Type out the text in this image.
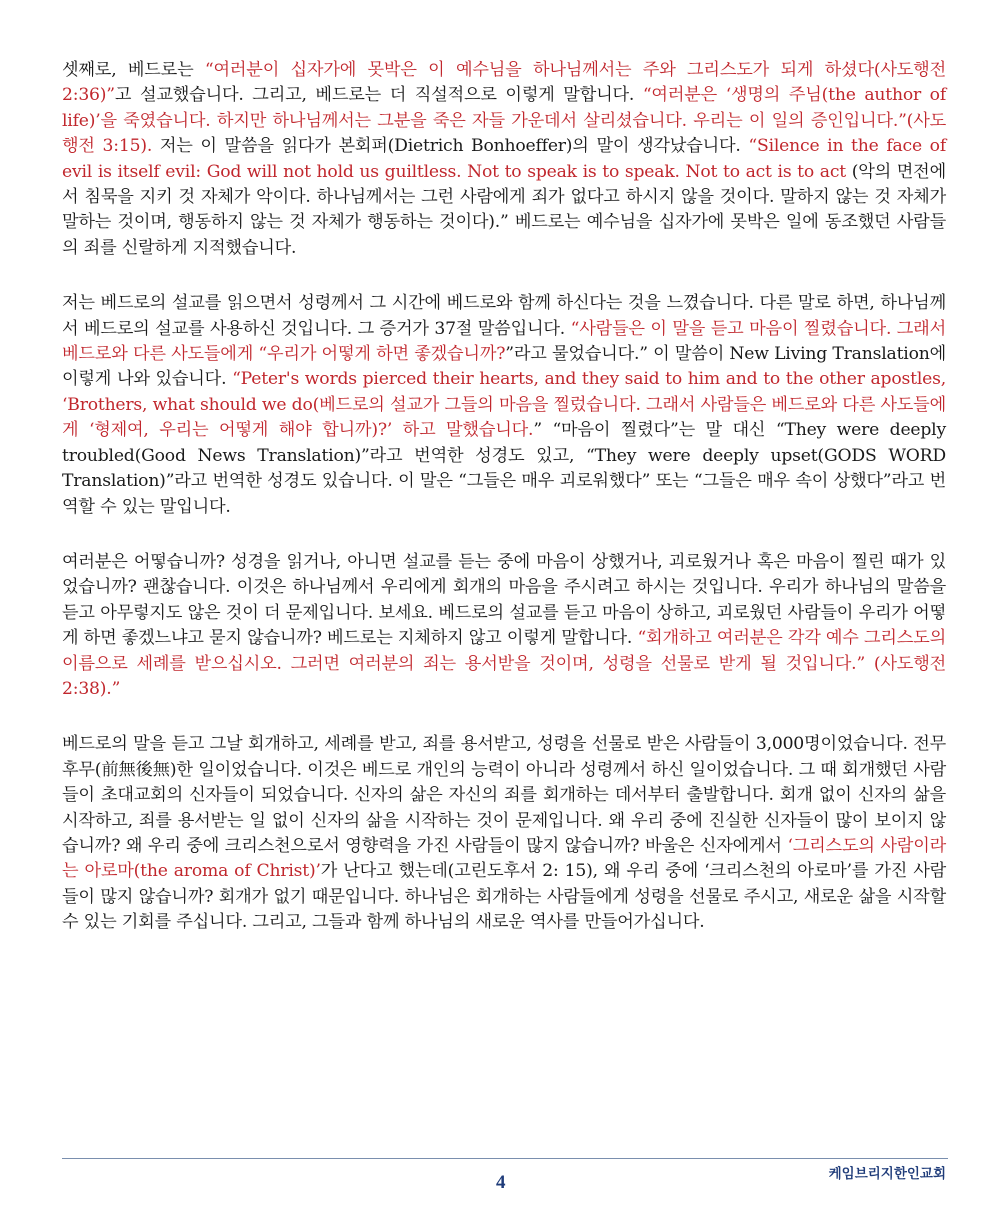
셋째로, 베드로는 “여러분이 십자가에 못박은 이 예수님을 하나님께서는 주와 그리스도가 되게 하셨다(사도행전 2:36)”고 설교했습니다. 그리고, 베드로는 더 직설적으로 이렇게 말합니다. “여러분은 ‘생명의 주님(the author of life)’을 죽였습니다. 하지만 하나님께서는 그분을 죽은 자들 가운데서 살리셨습니다. 우리는 이 일의 증인입니다.”(사도행전 3:15). 저는 이 말씀을 읽다가 본회퍼(Dietrich Bonhoeffer)의 말이 생각났습니다. “Silence in the face of evil is itself evil: God will not hold us guiltless. Not to speak is to speak. Not to act is to act (악의 면전에서 침묵을 지키 것 자체가 악이다. 하나님께서는 그런 사람에게 죄가 없다고 하시지 않을 것이다. 말하지 않는 것 자체가 말하는 것이며, 행동하지 않는 것 자체가 행동하는 것이다).” 베드로는 예수님을 십자가에 못박은 일에 동조했던 사람들의 죄를 신랄하게 지적했습니다.

저는 베드로의 설교를 읽으면서 성령께서 그 시간에 베드로와 함께 하신다는 것을 느꼈습니다. 다른 말로 하면, 하나님께서 베드로의 설교를 사용하신 것입니다. 그 증거가 37절 말씀입니다. “사람들은 이 말을 듣고 마음이 찔렸습니다. 그래서 베드로와 다른 사도들에게 “우리가 어떻게 하면 좋겠습니까?”라고 물었습니다.” 이 말씀이 New Living Translation에 이렇게 나와 있습니다. “Peter's words pierced their hearts, and they said to him and to the other apostles, ‘Brothers, what should we do(베드로의 설교가 그들의 마음을 찔렀습니다. 그래서 사람들은 베드로와 다른 사도들에게 ‘형제여, 우리는 어떻게 해야 합니까)?’ 하고 말했습니다.” “마음이 찔렸다”는 말 대신 “They were deeply troubled(Good News Translation)”라고 번역한 성경도 있고, “They were deeply upset(GODS WORD Translation)”라고 번역한 성경도 있습니다. 이 말은 “그들은 매우 괴로워했다” 또는 “그들은 매우 속이 상했다”라고 번역할 수 있는 말입니다.

여러분은 어떻습니까? 성경을 읽거나, 아니면 설교를 듣는 중에 마음이 상했거나, 괴로웠거나 혹은 마음이 찔린 때가 있었습니까? 괜찮습니다. 이것은 하나님께서 우리에게 회개의 마음을 주시려고 하시는 것입니다. 우리가 하나님의 말씀을 듣고 아무렇지도 않은 것이 더 문제입니다. 보세요. 베드로의 설교를 듣고 마음이 상하고, 괴로웠던 사람들이 우리가 어떻게 하면 좋겠느냐고 묻지 않습니까? 베드로는 지체하지 않고 이렇게 말합니다. “회개하고 여러분은 각각 예수 그리스도의 이름으로 세례를 받으십시오. 그러면 여러분의 죄는 용서받을 것이며, 성령을 선물로 받게 될 것입니다.” (사도행전 2:38).”

베드로의 말을 듣고 그날 회개하고, 세례를 받고, 죄를 용서받고, 성령을 선물로 받은 사람들이 3,000명이었습니다. 전무후무(前無後無)한 일이었습니다. 이것은 베드로 개인의 능력이 아니라 성령께서 하신 일이었습니다. 그 때 회개했던 사람들이 초대교회의 신자들이 되었습니다. 신자의 삶은 자신의 죄를 회개하는 데서부터 출발합니다. 회개 없이 신자의 삶을 시작하고, 죄를 용서받는 일 없이 신자의 삶을 시작하는 것이 문제입니다. 왜 우리 중에 진실한 신자들이 많이 보이지 않습니까? 왜 우리 중에 크리스천으로서 영향력을 가진 사람들이 많지 않습니까? 바울은 신자에게서 ‘그리스도의 사람이라는 아로마(the aroma of Christ)’가 난다고 했는데(고린도후서 2: 15), 왜 우리 중에 ‘크리스천의 아로마’를 가진 사람들이 많지 않습니까? 회개가 없기 때문입니다. 하나님은 회개하는 사람들에게 성령을 선물로 주시고, 새로운 삶을 시작할 수 있는 기회를 주십니다. 그리고, 그들과 함께 하나님의 새로운 역사를 만들어가십니다.

4	케임브리지한인교회
